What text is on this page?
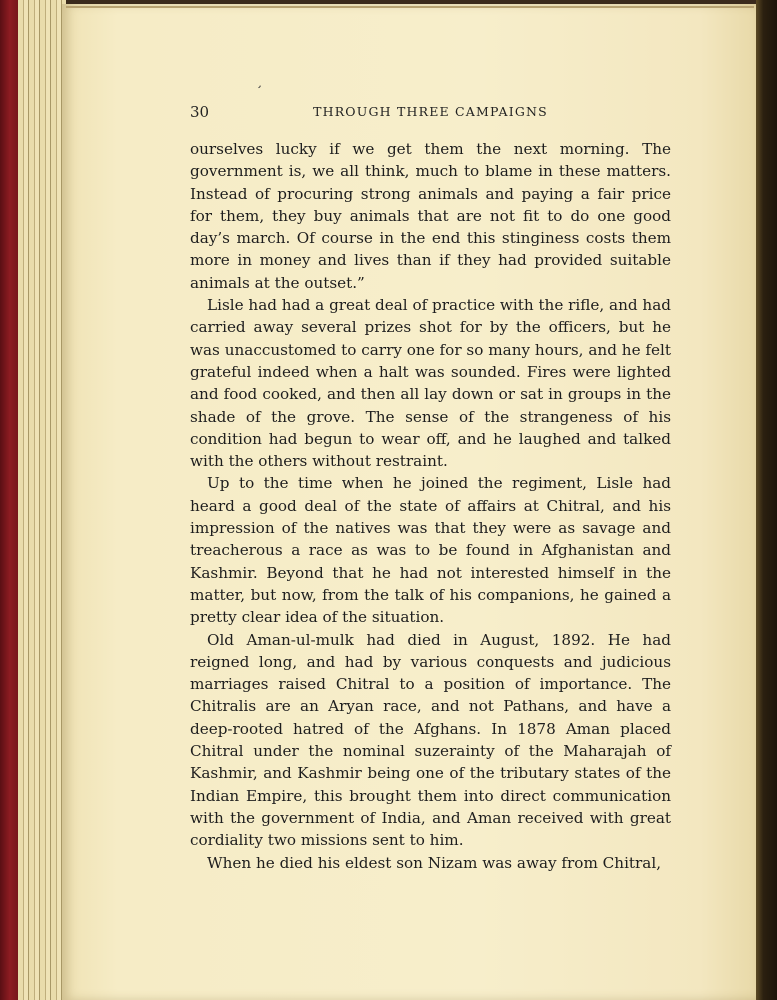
,
30	THROUGH THREE CAMPAIGNS

ourselves lucky if we get them the next morning. The government is, we all think, much to blame in these matters. Instead of procuring strong animals and paying a fair price for them, they buy animals that are not fit to do one good day’s march. Of course in the end this stinginess costs them more in money and lives than if they had provided suitable animals at the outset.”

Lisle had had a great deal of practice with the rifle, and had carried away several prizes shot for by the officers, but he was unaccustomed to carry one for so many hours, and he felt grateful indeed when a halt was sounded. Fires were lighted and food cooked, and then all lay down or sat in groups in the shade of the grove. The sense of the strangeness of his condition had begun to wear off, and he laughed and talked with the others without restraint.

Up to the time when he joined the regiment, Lisle had heard a good deal of the state of affairs at Chitral, and his impression of the natives was that they were as savage and treacherous a race as was to be found in Afghanistan and Kashmir. Beyond that he had not interested himself in the matter, but now, from the talk of his companions, he gained a pretty clear idea of the situation.

Old Aman-ul-mulk had died in August, 1892. He had reigned long, and had by various conquests and judicious marriages raised Chitral to a position of importance. The Chitralis are an Aryan race, and not Pathans, and have a deep-rooted hatred of the Afghans. In 1878 Aman placed Chitral under the nominal suzerainty of the Maharajah of Kashmir, and Kashmir being one of the tributary states of the Indian Empire, this brought them into direct communication with the government of India, and Aman received with great cordiality two missions sent to him.

When he died his eldest son Nizam was away from Chitral,
